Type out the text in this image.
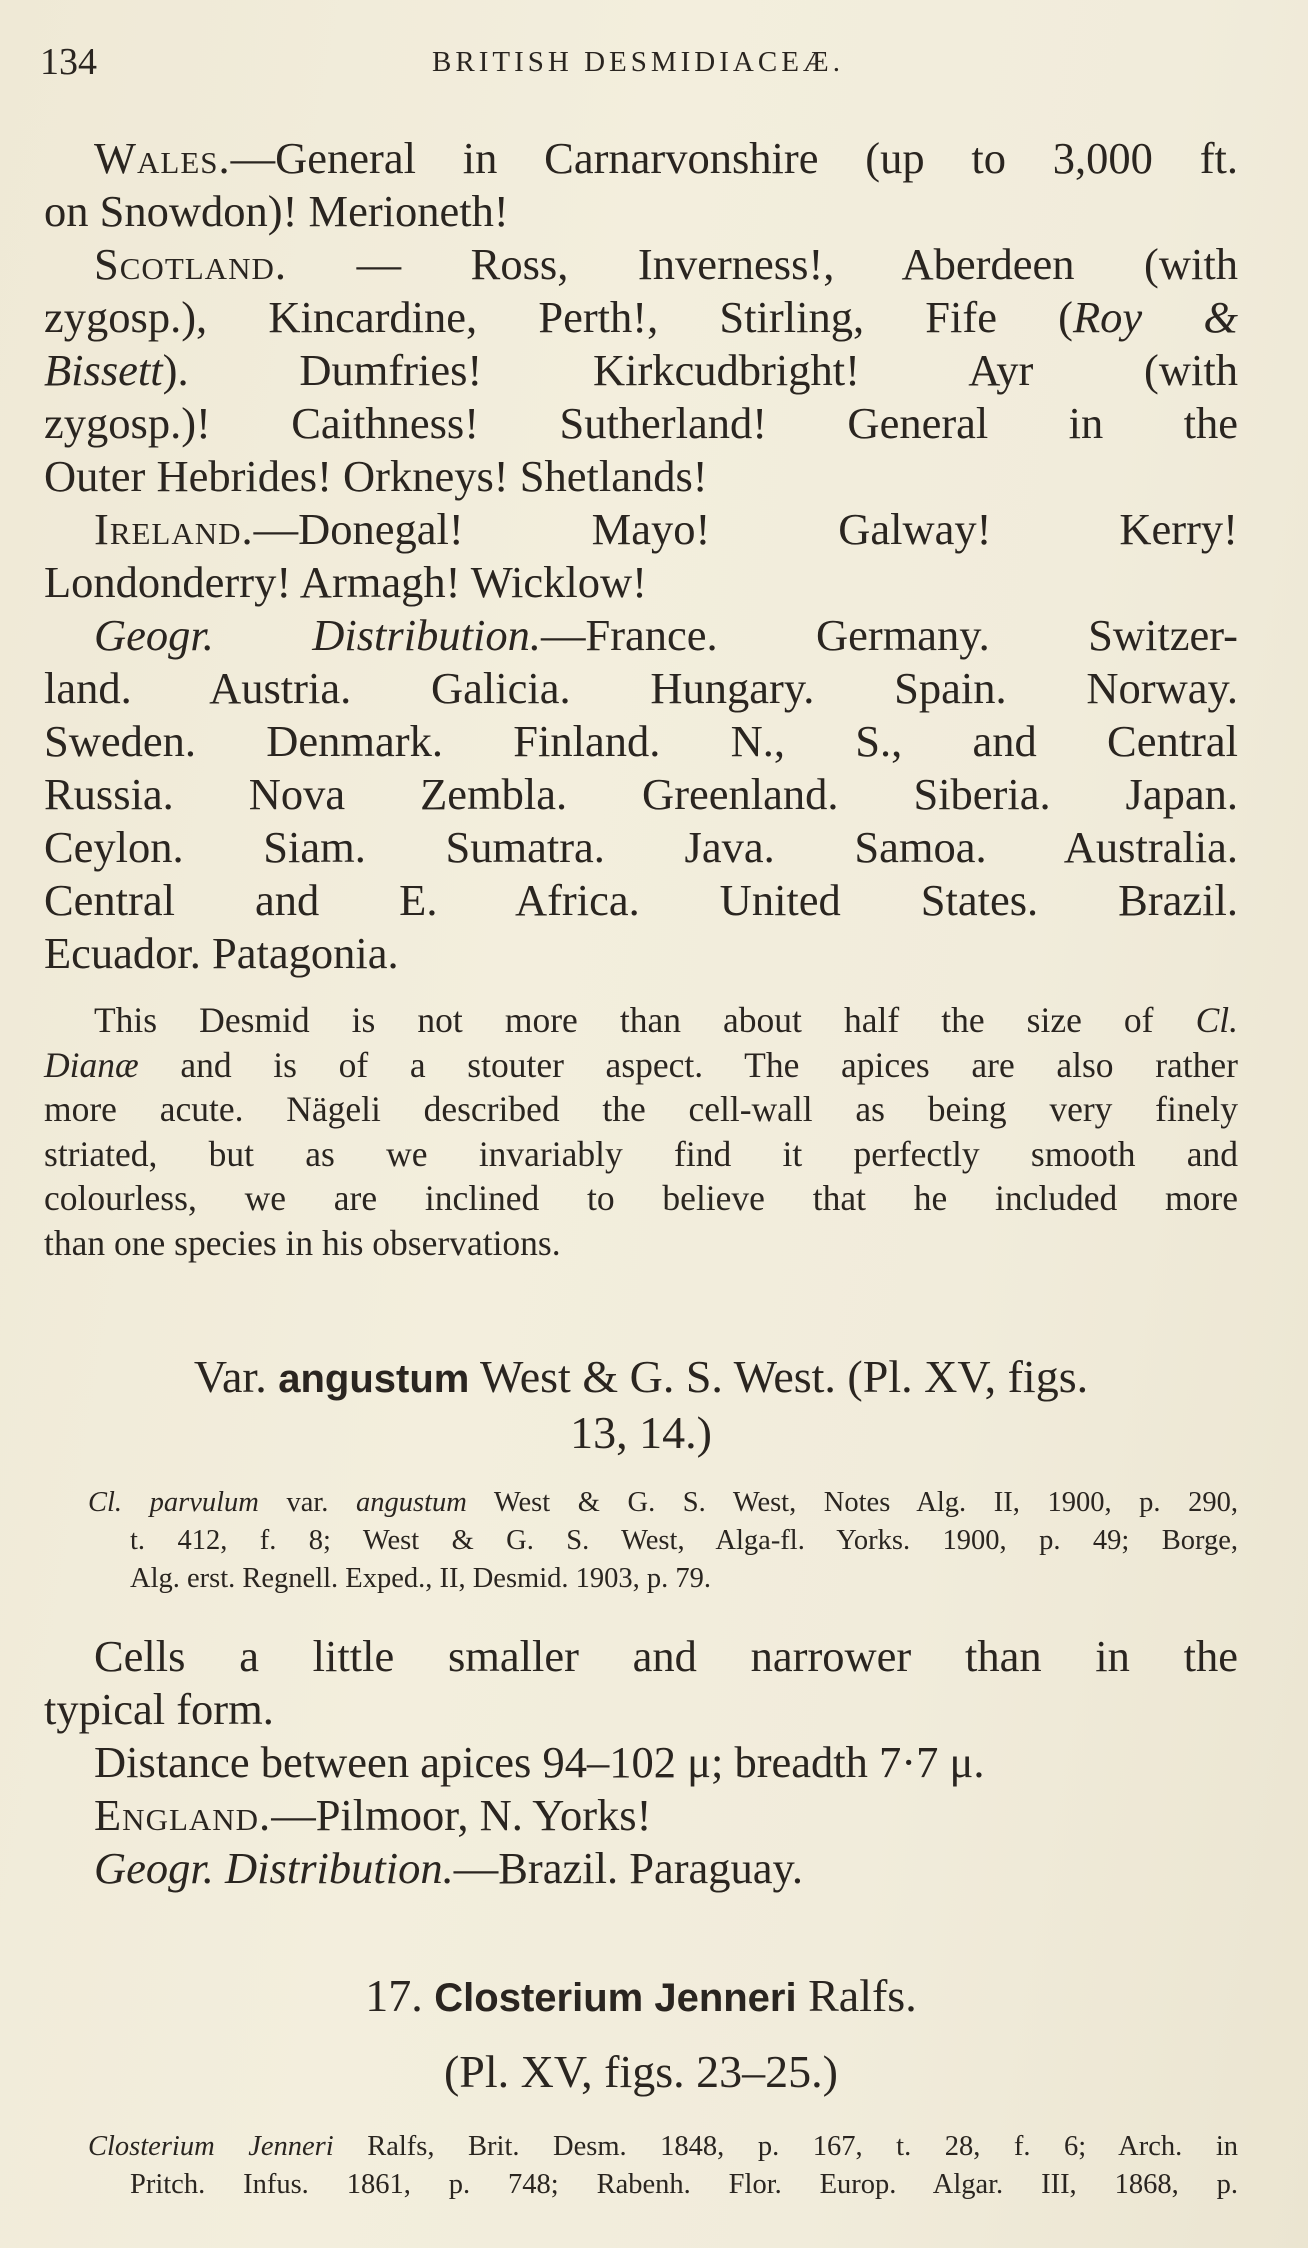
134	BRITISH DESMIDIACEÆ.
Wales.—General in Carnarvonshire (up to 3,000 ft.
on Snowdon)! Merioneth!
Scotland. — Ross, Inverness!, Aberdeen (with
zygosp.), Kincardine, Perth!, Stirling, Fife (Roy &
Bissett). Dumfries! Kirkcudbright! Ayr (with
zygosp.)! Caithness! Sutherland! General in the
Outer Hebrides! Orkneys! Shetlands!
Ireland.—Donegal! Mayo! Galway! Kerry!
Londonderry! Armagh! Wicklow!
Geogr. Distribution.—France. Germany. Switzer-
land. Austria. Galicia. Hungary. Spain. Norway.
Sweden. Denmark. Finland. N., S., and Central
Russia. Nova Zembla. Greenland. Siberia. Japan.
Ceylon. Siam. Sumatra. Java. Samoa. Australia.
Central and E. Africa. United States. Brazil.
Ecuador. Patagonia.
This Desmid is not more than about half the size of Cl.
Dianæ and is of a stouter aspect. The apices are also rather
more acute. Nägeli described the cell-wall as being very finely
striated, but as we invariably find it perfectly smooth and
colourless, we are inclined to believe that he included more
than one species in his observations.
Var. angustum West & G. S. West. (Pl. XV, figs.
13, 14.)
Cl. parvulum var. angustum West & G. S. West, Notes Alg. II, 1900, p. 290,
t. 412, f. 8; West & G. S. West, Alga-fl. Yorks. 1900, p. 49; Borge,
Alg. erst. Regnell. Exped., II, Desmid. 1903, p. 79.
Cells a little smaller and narrower than in the
typical form.
Distance between apices 94–102 μ; breadth 7·7 μ.
England.—Pilmoor, N. Yorks!
Geogr. Distribution.—Brazil. Paraguay.
17. Closterium Jenneri Ralfs.
(Pl. XV, figs. 23–25.)
Closterium Jenneri Ralfs, Brit. Desm. 1848, p. 167, t. 28, f. 6; Arch. in
Pritch. Infus. 1861, p. 748; Rabenh. Flor. Europ. Algar. III, 1868, p.
